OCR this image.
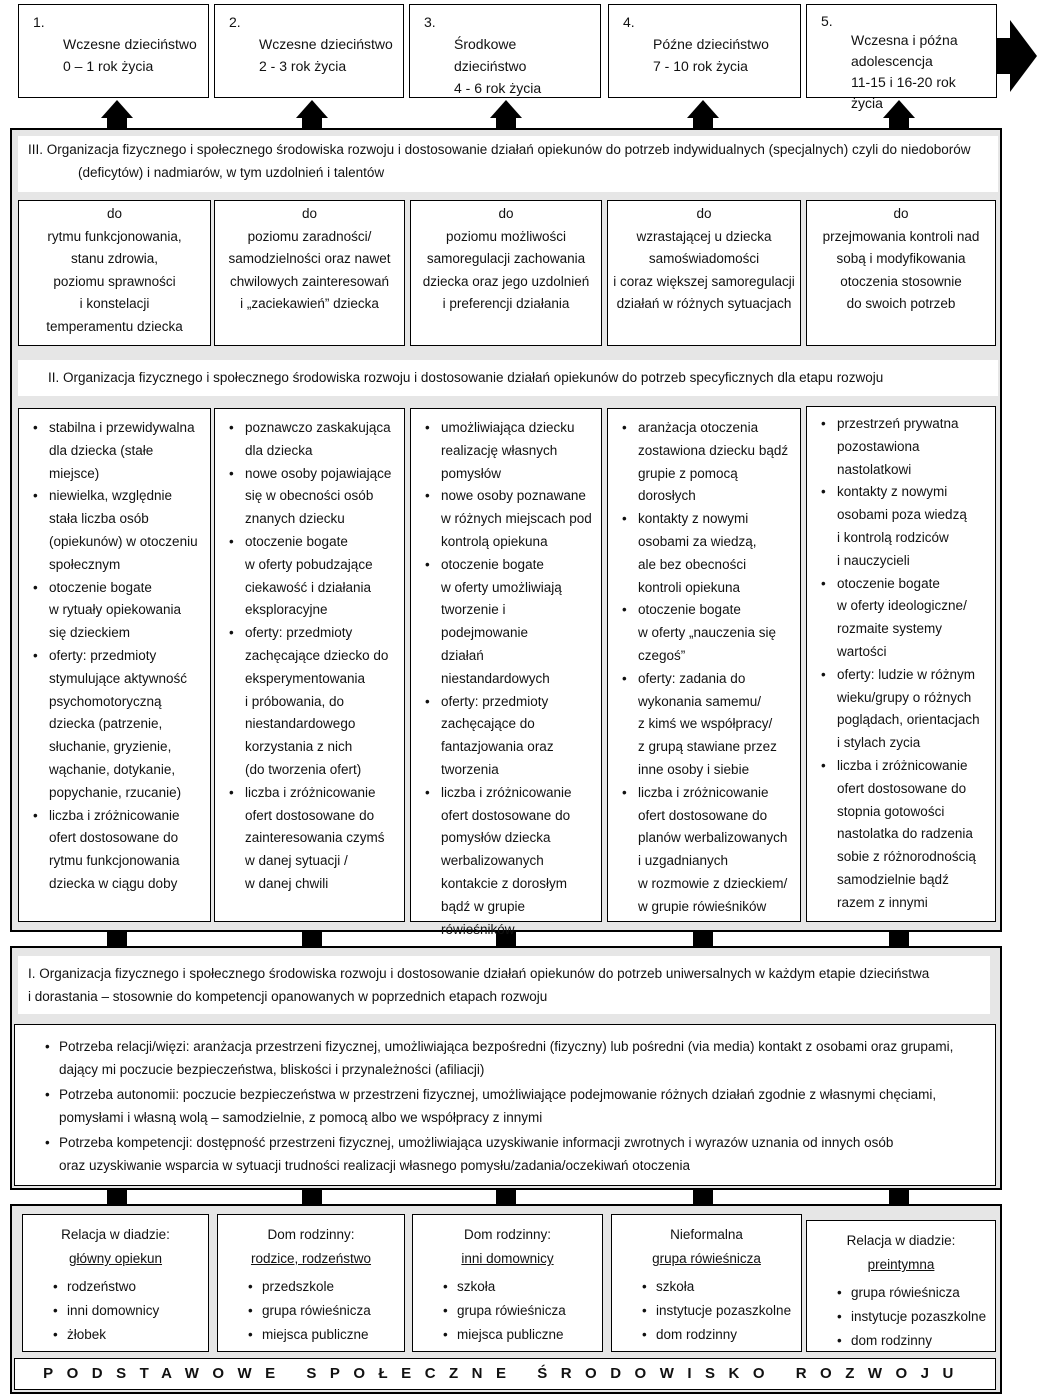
1.
Wczesne dzieciństwo
0 – 1 rok życia
2.
Wczesne dzieciństwo
2 - 3 rok życia
3.
Środkowe dzieciństwo
4 - 6 rok życia
4.
Późne dzieciństwo
7 - 10 rok życia
5.
Wczesna i późna
adolescencja
11-15 i 16-20 rok życia
III. Organizacja fizycznego i społecznego środowiska rozwoju i dostosowanie działań opiekunów do potrzeb indywidualnych (specjalnych) czyli do niedoborów
(deficytów) i nadmiarów, w tym uzdolnień i talentów
do
rytmu funkcjonowania,
stanu zdrowia,
poziomu sprawności
i konstelacji
temperamentu dziecka
do
poziomu zaradności/
samodzielności oraz nawet
chwilowych zainteresowań
i „zaciekawień” dziecka
do
poziomu możliwości
samoregulacji zachowania
dziecka oraz jego uzdolnień
i preferencji działania
do
wzrastającej u dziecka
samoświadomości
i coraz większej samoregulacji
działań w różnych sytuacjach
do
przejmowania kontroli nad
sobą i modyfikowania
otoczenia stosownie
do swoich potrzeb
II. Organizacja fizycznego i społecznego środowiska rozwoju i dostosowanie działań opiekunów do potrzeb specyficznych dla etapu rozwoju
• stabilna i przewidywalna
dla dziecka (stałe miejsce)
• niewielka, względnie
stała liczba osób
(opiekunów) w otoczeniu
społecznym
• otoczenie bogate
w rytuały opiekowania
się dzieckiem
• oferty: przedmioty
stymulujące aktywność
psychomotoryczną
dziecka (patrzenie,
słuchanie, gryzienie,
wąchanie, dotykanie,
popychanie, rzucanie)
• liczba i zróżnicowanie
ofert dostosowane do
rytmu funkcjonowania
dziecka w ciągu doby
• poznawczo zaskakująca
dla dziecka
• nowe osoby pojawiające
się w obecności osób
znanych dziecku
• otoczenie bogate
w oferty pobudzające
ciekawość i działania
eksploracyjne
• oferty: przedmioty
zachęcające dziecko do
eksperymentowania
i próbowania, do
niestandardowego
korzystania z nich
(do tworzenia ofert)
• liczba i zróżnicowanie
ofert dostosowane do
zainteresowania czymś
w danej sytuacji /
w danej chwili
• umożliwiająca dziecku
realizację własnych
pomysłów
• nowe osoby poznawane
w różnych miejscach pod
kontrolą opiekuna
• otoczenie bogate
w oferty umożliwiają
tworzenie i podejmowanie
działań niestandardowych
• oferty: przedmioty
zachęcające do
fantazjowania oraz
tworzenia
• liczba i zróżnicowanie
ofert dostosowane do
pomysłów dziecka
werbalizowanych
kontakcie z dorosłym
bądź w grupie
rówieśników
• aranżacja otoczenia
zostawiona dziecku bądź
grupie z pomocą dorosłych
• kontakty z nowymi
osobami za wiedzą,
ale bez obecności
kontroli opiekuna
• otoczenie bogate
w oferty „nauczenia się
czegoś”
• oferty: zadania do
wykonania samemu/
z kimś we współpracy/
z grupą stawiane przez
inne osoby i siebie
• liczba i zróżnicowanie
ofert dostosowane do
planów werbalizowanych
i uzgadnianych
w rozmowie z dzieckiem/
w grupie rówieśników
• przestrzeń prywatna
pozostawiona
nastolatkowi
• kontakty z nowymi
osobami poza wiedzą
i kontrolą rodziców
i nauczycieli
• otoczenie bogate
w oferty ideologiczne/
rozmaite systemy
wartości
• oferty: ludzie w różnym
wieku/grupy o różnych
poglądach, orientacjach
i stylach zycia
• liczba i zróżnicowanie
ofert dostosowane do
stopnia gotowości
nastolatka do radzenia
sobie z różnorodnością
samodzielnie bądź
razem z innymi
I. Organizacja fizycznego i społecznego środowiska rozwoju i dostosowanie działań opiekunów do potrzeb uniwersalnych w każdym etapie dzieciństwa
i dorastania – stosownie do kompetencji opanowanych w poprzednich etapach rozwoju
• Potrzeba relacji/więzi: aranżacja przestrzeni fizycznej, umożliwiająca bezpośredni (fizyczny) lub pośredni (via media) kontakt z osobami oraz grupami,
dający mi poczucie bezpieczeństwa, bliskości i przynależności (afiliacji)
• Potrzeba autonomii: poczucie bezpieczeństwa w przestrzeni fizycznej, umożliwiające podejmowanie różnych działań zgodnie z własnymi chęciami,
pomysłami i własną wolą – samodzielnie, z pomocą albo we współpracy z innymi
• Potrzeba kompetencji: dostępność przestrzeni fizycznej, umożliwiająca uzyskiwanie informacji zwrotnych i wyrazów uznania od innych osób
oraz uzyskiwanie wsparcia w sytuacji trudności realizacji własnego pomysłu/zadania/oczekiwań otoczenia
Relacja w diadzie:
główny opiekun
• rodzeństwo
• inni domownicy
• żłobek
Dom rodzinny:
rodzice, rodzeństwo
• przedszkole
• grupa rówieśnicza
• miejsca publiczne
Dom rodzinny:
inni domownicy
• szkoła
• grupa rówieśnicza
• miejsca publiczne
Nieformalna
grupa rówieśnicza
• szkoła
• instytucje pozaszkolne
• dom rodzinny
Relacja w diadzie:
preintymna
• grupa rówieśnicza
• instytucje pozaszkolne
• dom rodzinny
PODSTAWOWE SPOŁECZNE ŚRODOWISKO ROZWOJU
